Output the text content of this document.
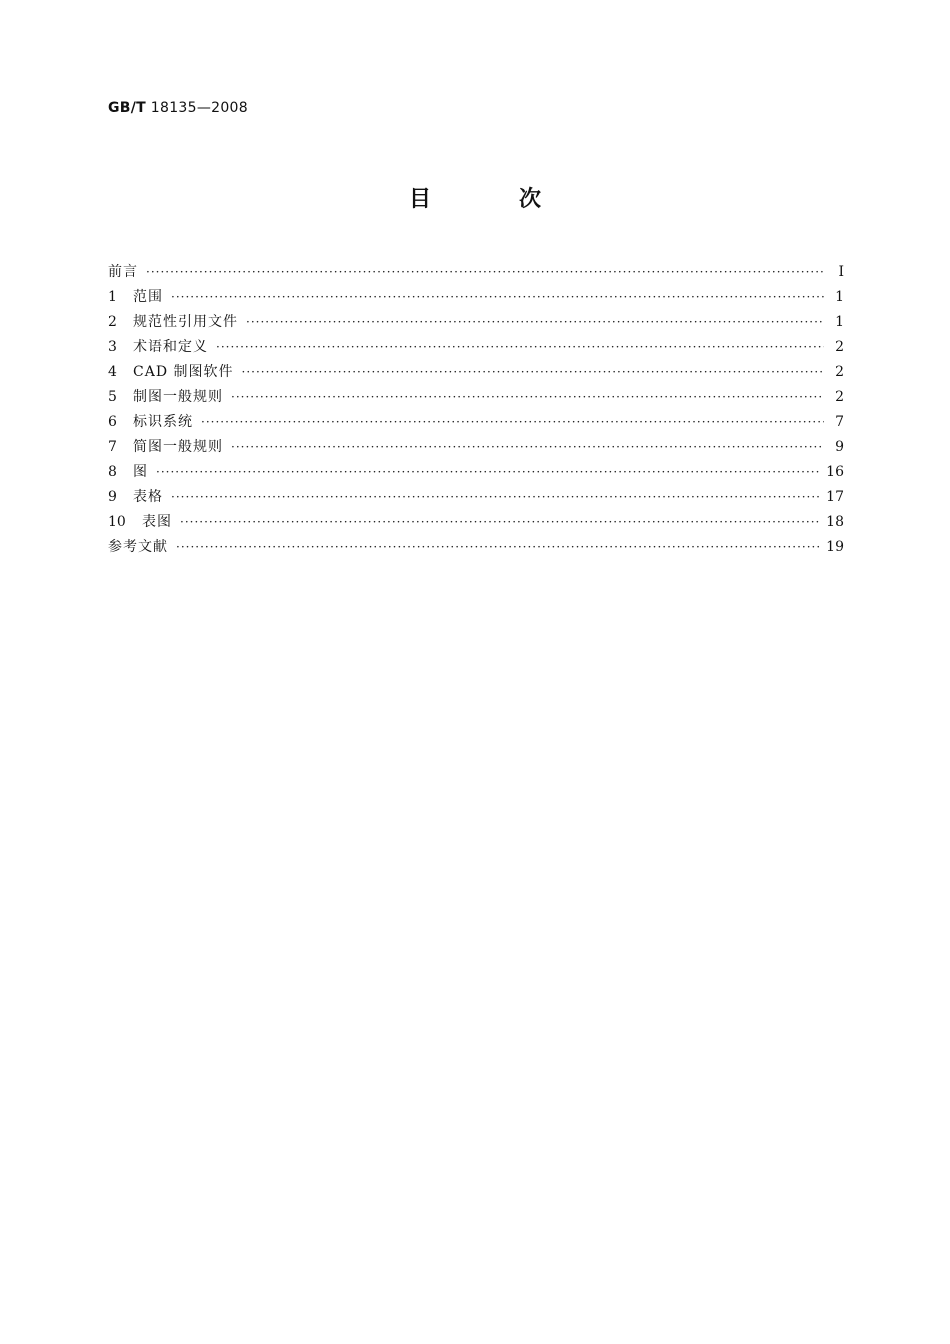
GB/T 18135—2008
目	次
前言 ·····	Ⅰ
1	范围 ·····	1
2	规范性引用文件 ·····	1
3	术语和定义 ·····	2
4	CAD 制图软件 ·····	2
5	制图一般规则 ·····	2
6	标识系统 ·····	7
7	简图一般规则 ·····	9
8	图 ·····	16
9	表格 ·····	17
10	表图 ·····	18
参考文献 ·····	19
